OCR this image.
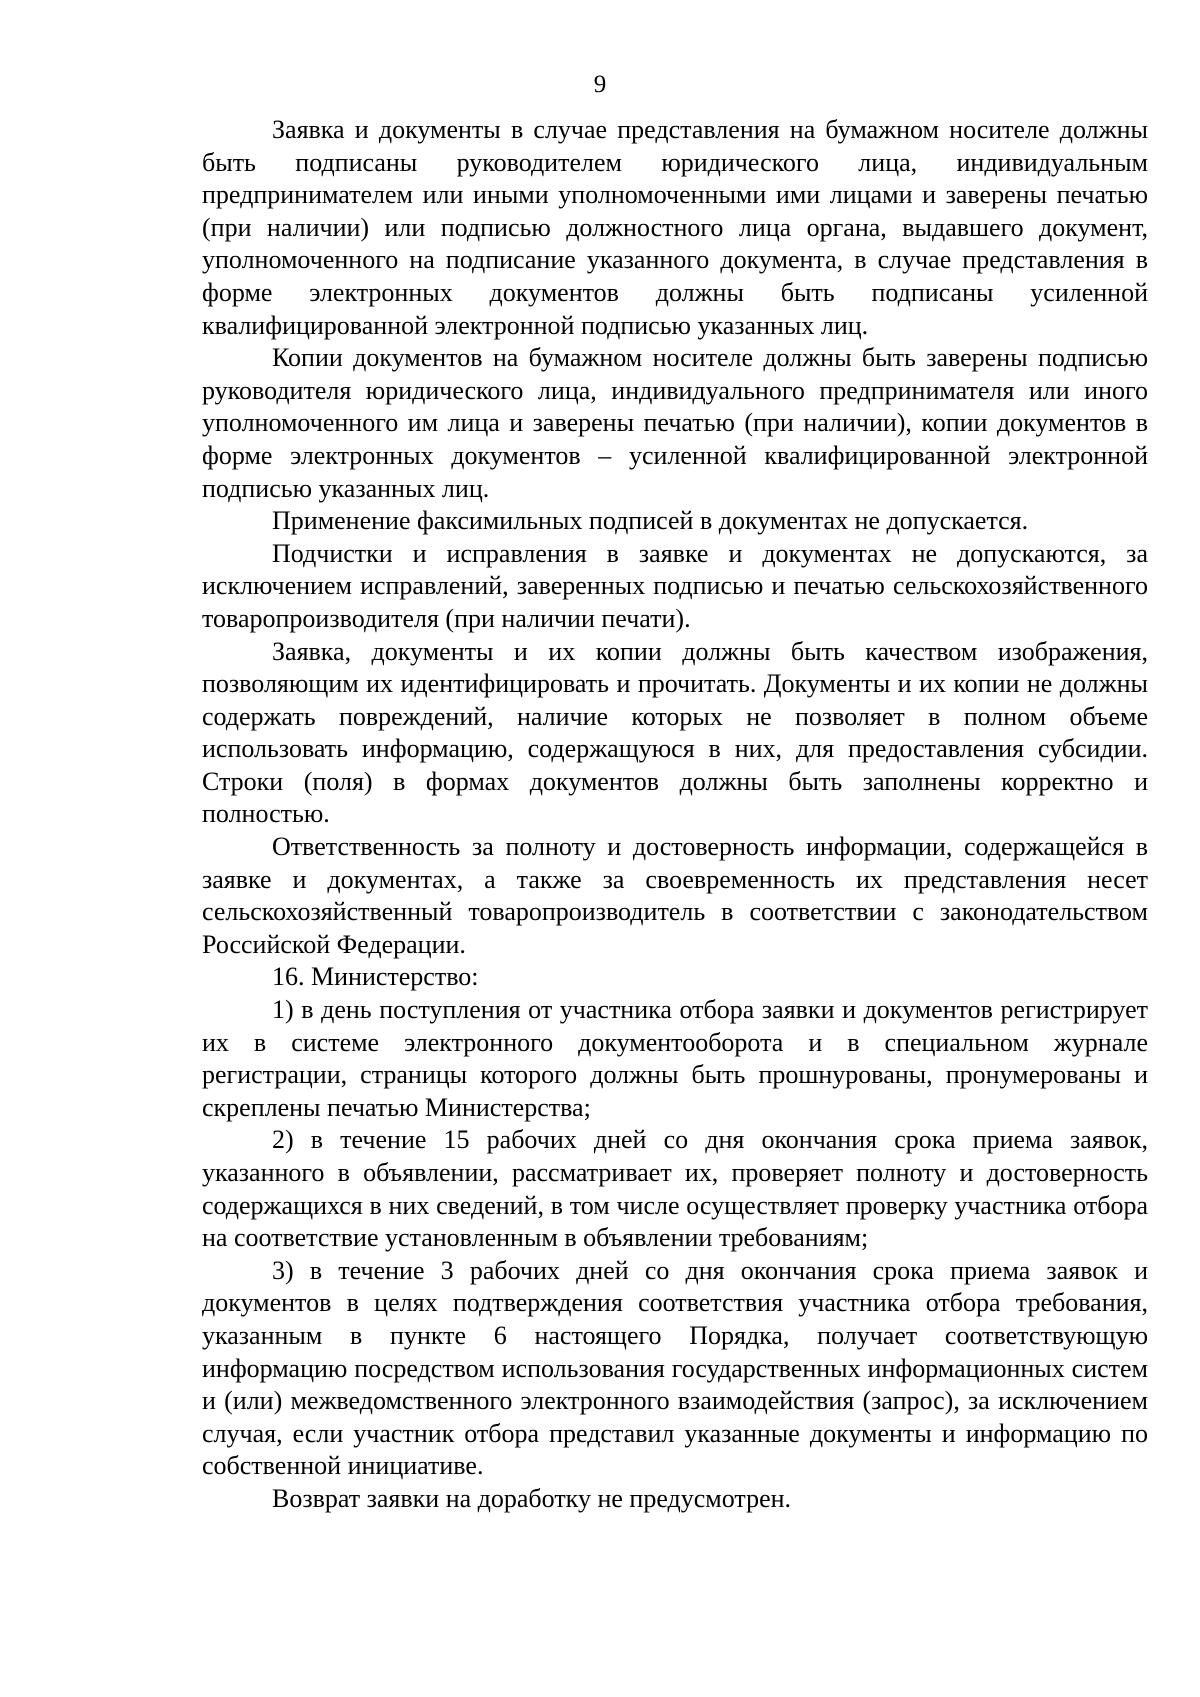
9

Заявка и документы в случае представления на бумажном носителе должны быть подписаны руководителем юридического лица, индивидуальным предпринимателем или иными уполномоченными ими лицами и заверены печатью (при наличии) или подписью должностного лица органа, выдавшего документ, уполномоченного на подписание указанного документа, в случае представления в форме электронных документов должны быть подписаны усиленной квалифицированной электронной подписью указанных лиц.

Копии документов на бумажном носителе должны быть заверены подписью руководителя юридического лица, индивидуального предпринимателя или иного уполномоченного им лица и заверены печатью (при наличии), копии документов в форме электронных документов – усиленной квалифицированной электронной подписью указанных лиц.

Применение факсимильных подписей в документах не допускается.

Подчистки и исправления в заявке и документах не допускаются, за исключением исправлений, заверенных подписью и печатью сельскохозяйственного товаропроизводителя (при наличии печати).

Заявка, документы и их копии должны быть качеством изображения, позволяющим их идентифицировать и прочитать. Документы и их копии не должны содержать повреждений, наличие которых не позволяет в полном объеме использовать информацию, содержащуюся в них, для предоставления субсидии. Строки (поля) в формах документов должны быть заполнены корректно и полностью.

Ответственность за полноту и достоверность информации, содержащейся в заявке и документах, а также за своевременность их представления несет сельскохозяйственный товаропроизводитель в соответствии с законодательством Российской Федерации.

16. Министерство:

1) в день поступления от участника отбора заявки и документов регистрирует их в системе электронного документооборота и в специальном журнале регистрации, страницы которого должны быть прошнурованы, пронумерованы и скреплены печатью Министерства;

2) в течение 15 рабочих дней со дня окончания срока приема заявок, указанного в объявлении, рассматривает их, проверяет полноту и достоверность содержащихся в них сведений, в том числе осуществляет проверку участника отбора на соответствие установленным в объявлении требованиям;

3) в течение 3 рабочих дней со дня окончания срока приема заявок и документов в целях подтверждения соответствия участника отбора требования, указанным в пункте 6 настоящего Порядка, получает соответствующую информацию посредством использования государственных информационных систем и (или) межведомственного электронного взаимодействия (запрос), за исключением случая, если участник отбора представил указанные документы и информацию по собственной инициативе.

Возврат заявки на доработку не предусмотрен.
